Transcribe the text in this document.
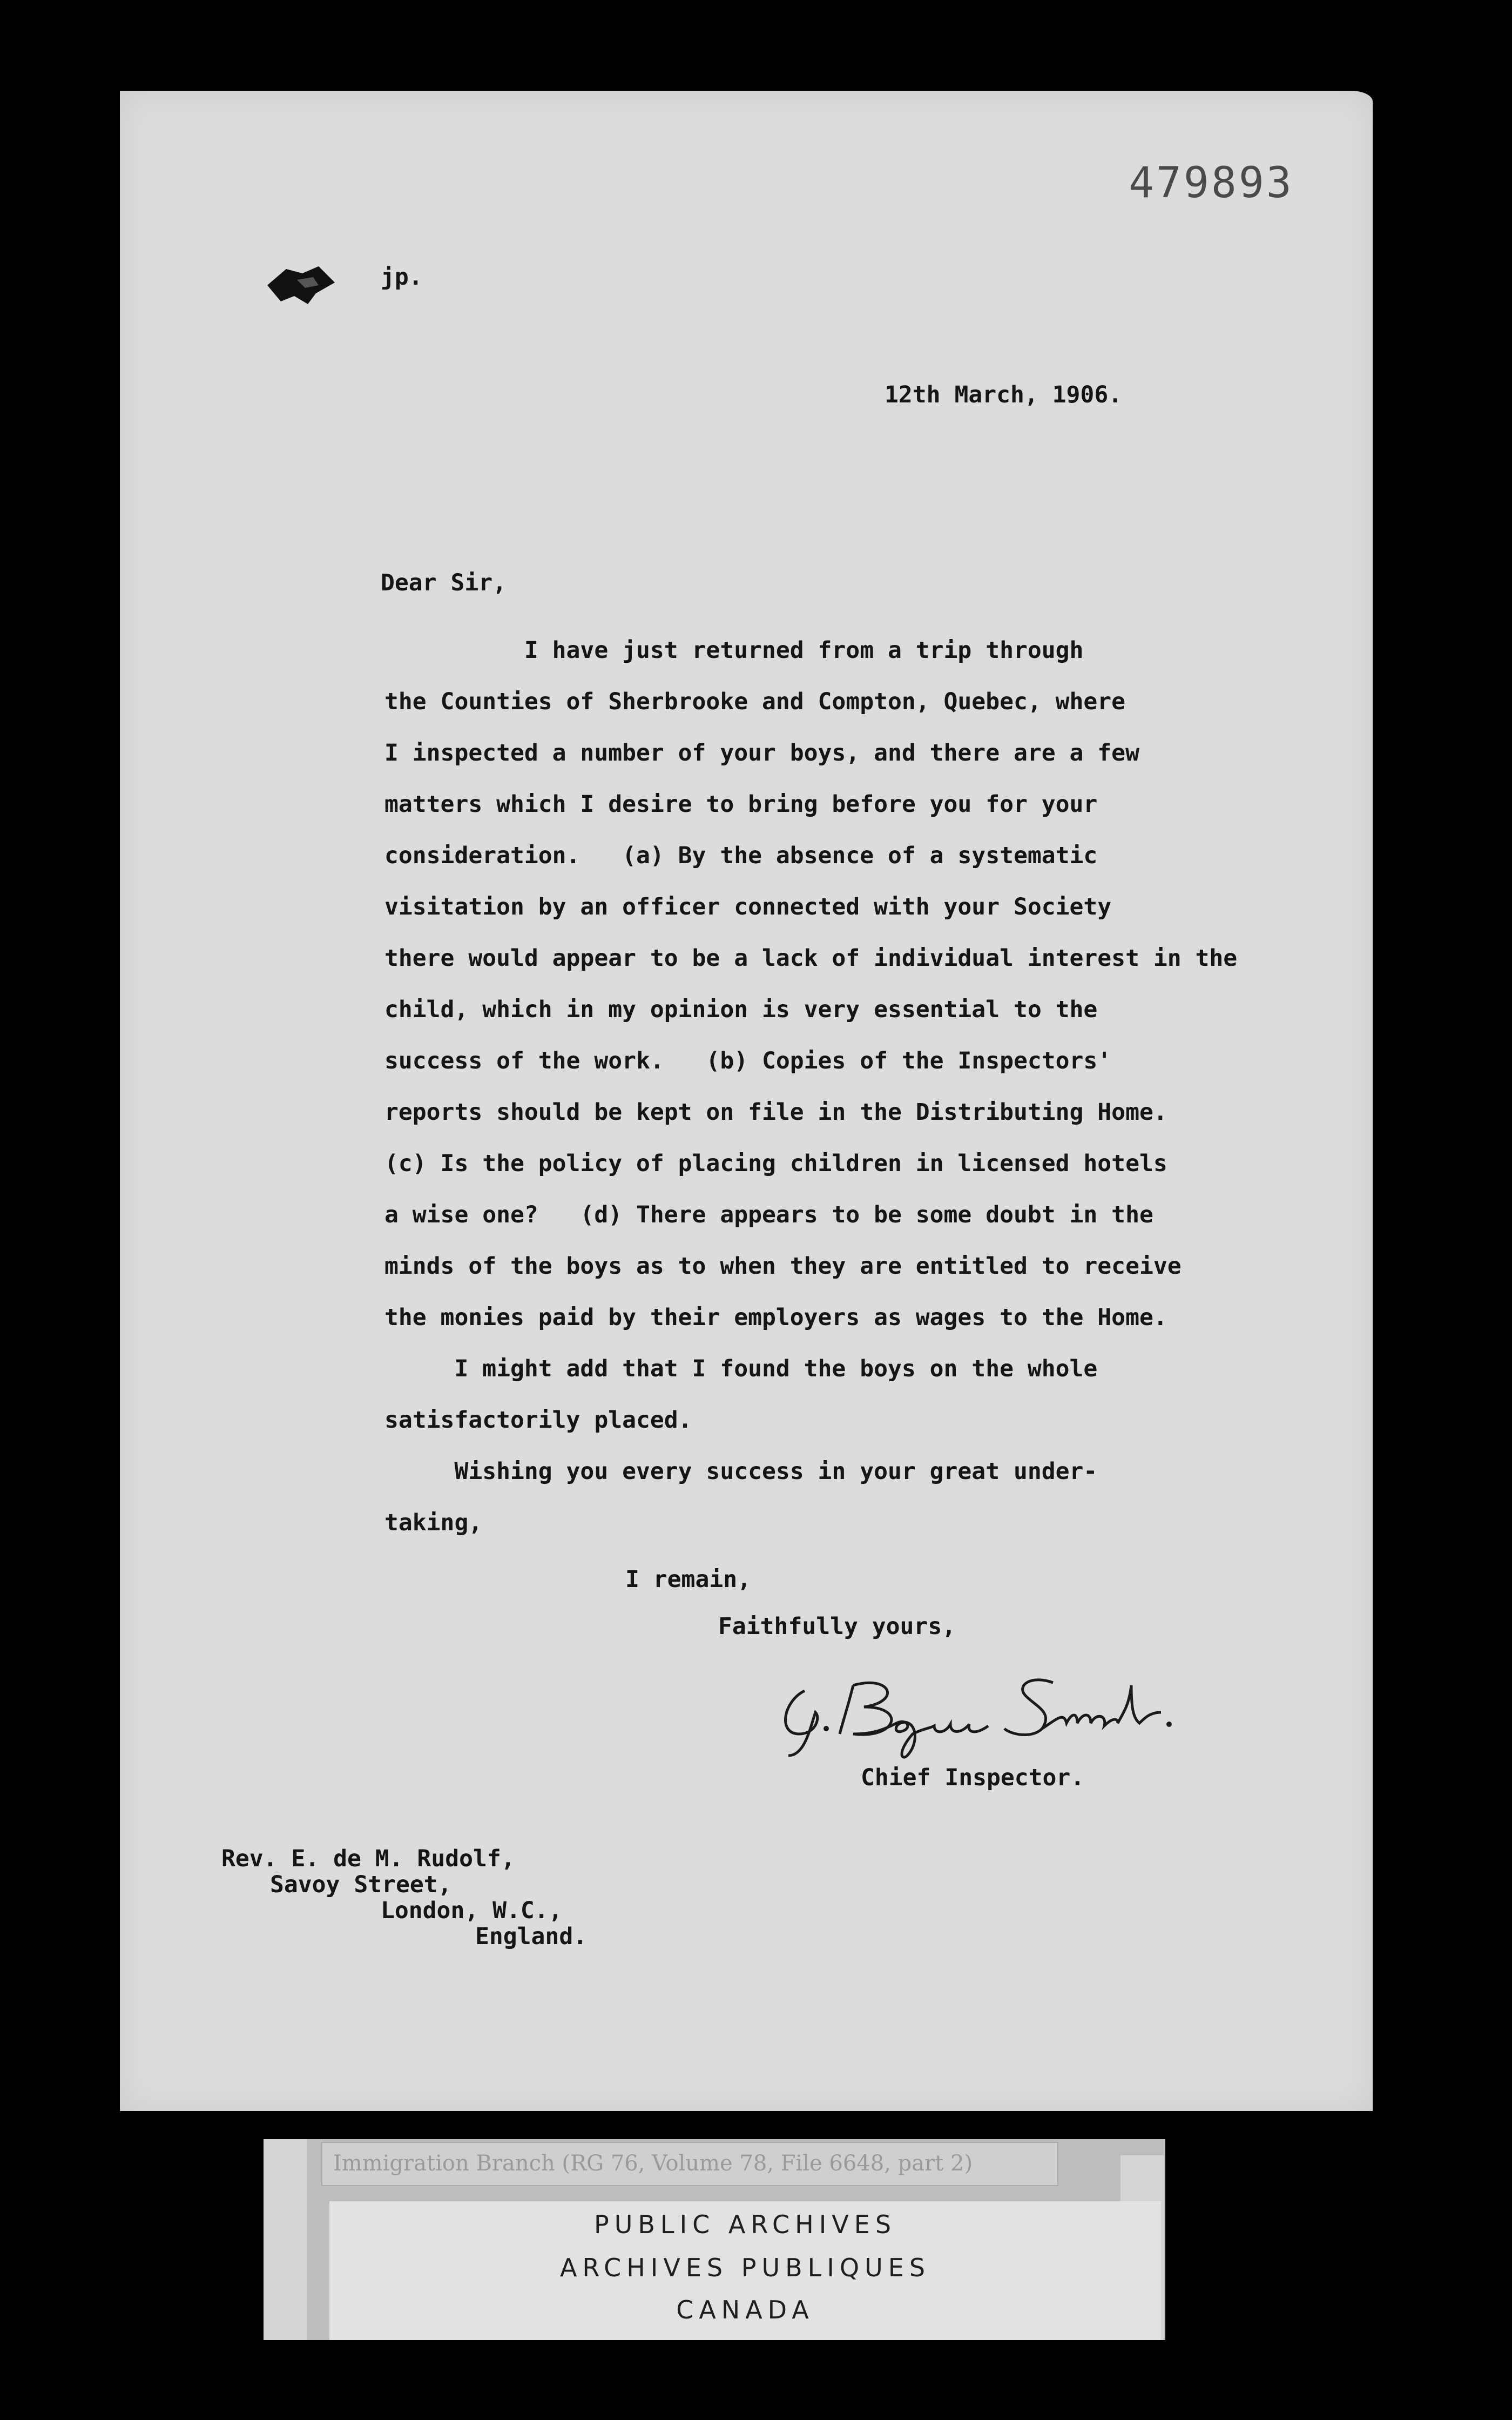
479893
jp.
12th March, 1906.
Dear Sir,
I have just returned from a trip through
the Counties of Sherbrooke and Compton, Quebec, where
I inspected a number of your boys, and there are a few
matters which I desire to bring before you for your
consideration.   (a) By the absence of a systematic
visitation by an officer connected with your Society
there would appear to be a lack of individual interest in the
child, which in my opinion is very essential to the
success of the work.   (b) Copies of the Inspectors'
reports should be kept on file in the Distributing Home.
(c) Is the policy of placing children in licensed hotels
a wise one?   (d) There appears to be some doubt in the
minds of the boys as to when they are entitled to receive
the monies paid by their employers as wages to the Home.
I might add that I found the boys on the whole
satisfactorily placed.
Wishing you every success in your great under-
taking,
I remain,
Faithfully yours,
Chief Inspector.
Rev. E. de M. Rudolf,
Savoy Street,
London, W.C.,
England.
Immigration Branch (RG 76, Volume 78, File 6648, part 2)
PUBLIC ARCHIVES
ARCHIVES PUBLIQUES
CANADA
